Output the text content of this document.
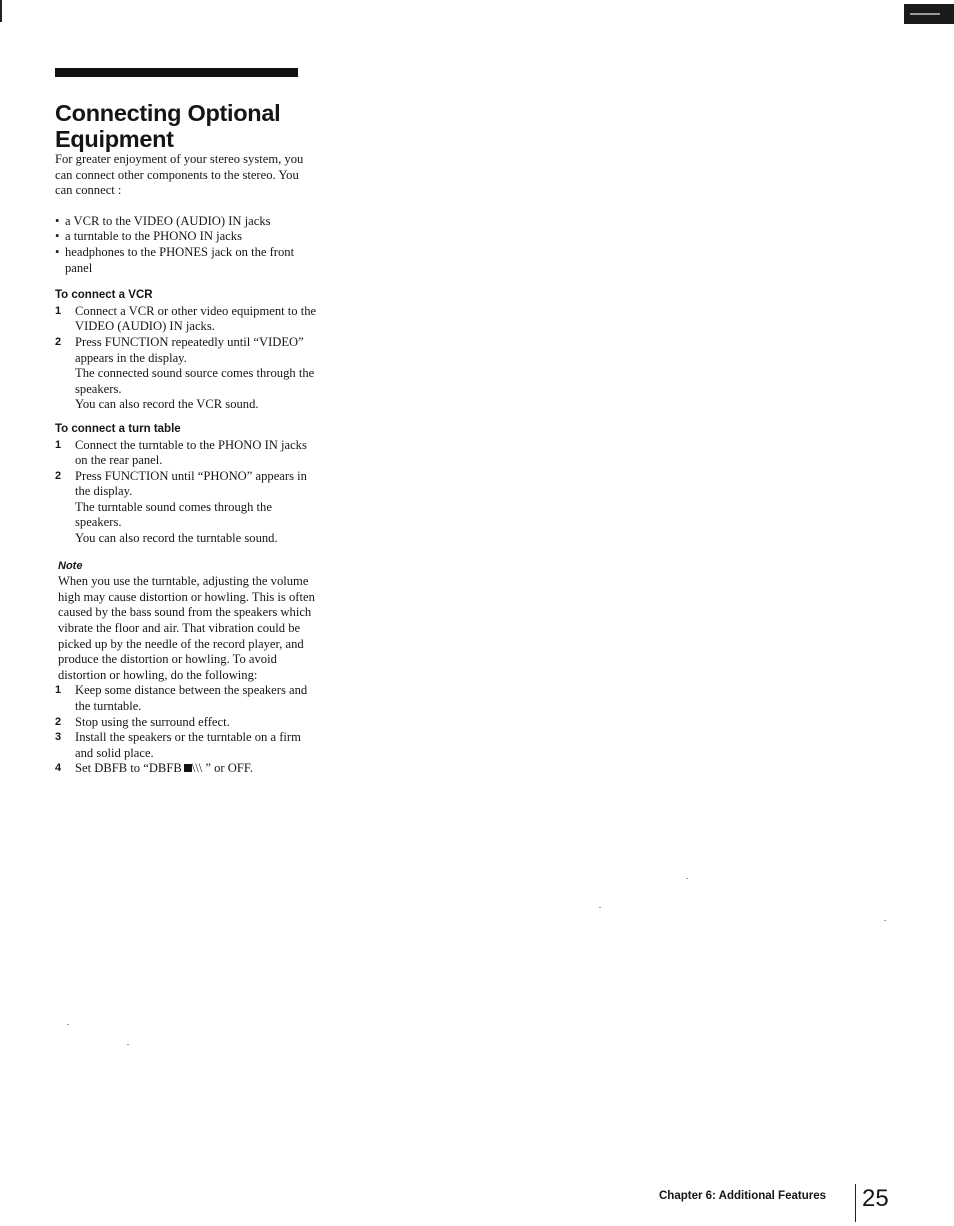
Connecting Optional Equipment

For greater enjoyment of your stereo system, you can connect other components to the stereo. You can connect :

• a VCR to the VIDEO (AUDIO) IN jacks
• a turntable to the PHONO IN jacks
• headphones to the PHONES jack on the front panel

To connect a VCR

1 Connect a VCR or other video equipment to the VIDEO (AUDIO) IN jacks.
2 Press FUNCTION repeatedly until “VIDEO” appears in the display.
The connected sound source comes through the speakers.
You can also record the VCR sound.

To connect a turn table

1 Connect the turntable to the PHONO IN jacks on the rear panel.
2 Press FUNCTION until “PHONO” appears in the display.
The turntable sound comes through the speakers.
You can also record the turntable sound.

Note

When you use the turntable, adjusting the volume high may cause distortion or howling. This is often caused by the bass sound from the speakers which vibrate the floor and air. That vibration could be picked up by the needle of the record player, and produce the distortion or howling. To avoid distortion or howling, do the following:

1 Keep some distance between the speakers and the turntable.
2 Stop using the surround effect.
3 Install the speakers or the turntable on a firm and solid place.
4 Set DBFB to “DBFB \\\ ” or OFF.
Chapter 6: Additional Features 25
